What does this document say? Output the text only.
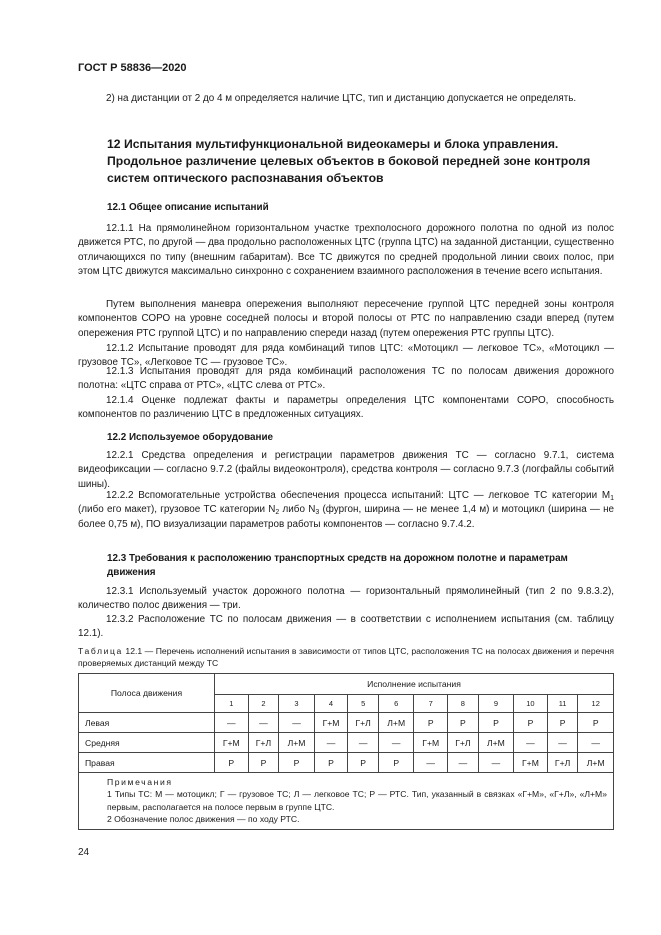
ГОСТ Р 58836—2020

2) на дистанции от 2 до 4 м определяется наличие ЦТС, тип и дистанцию допускается не определять.

12 Испытания мультифункциональной видеокамеры и блока управления. Продольное различение целевых объектов в боковой передней зоне контроля систем оптического распознавания объектов

12.1 Общее описание испытаний

12.1.1 На прямолинейном горизонтальном участке трехполосного дорожного полотна по одной из полос движется РТС, по другой — два продольно расположенных ЦТС (группа ЦТС) на заданной дистанции, существенно отличающихся по типу (внешним габаритам). Все ТС движутся по средней продольной линии своих полос, при этом ЦТС движутся максимально синхронно с сохранением взаимного расположения в течение всего испытания.

Путем выполнения маневра опережения выполняют пересечение группой ЦТС передней зоны контроля компонентов СОРО на уровне соседней полосы и второй полосы от РТС по направлению сзади вперед (путем опережения РТС группой ЦТС) и по направлению спереди назад (путем опережения РТС группы ЦТС).

12.1.2 Испытание проводят для ряда комбинаций типов ЦТС: «Мотоцикл — легковое ТС», «Мотоцикл — грузовое ТС», «Легковое ТС — грузовое ТС».

12.1.3 Испытания проводят для ряда комбинаций расположения ТС по полосам движения дорожного полотна: «ЦТС справа от РТС», «ЦТС слева от РТС».

12.1.4 Оценке подлежат факты и параметры определения ЦТС компонентами СОРО, способность компонентов по различению ЦТС в предложенных ситуациях.

12.2 Используемое оборудование

12.2.1 Средства определения и регистрации параметров движения ТС — согласно 9.7.1, система видеофиксации — согласно 9.7.2 (файлы видеоконтроля), средства контроля — согласно 9.7.3 (логфайлы событий шины).

12.2.2 Вспомогательные устройства обеспечения процесса испытаний: ЦТС — легковое ТС категории $М_1$ (либо его макет), грузовое ТС категории $N_2$ либо $N_3$ (фургон, ширина — не менее 1,4 м) и мотоцикл (ширина — не более 0,75 м), ПО визуализации параметров работы компонентов — согласно 9.7.4.2.

12.3 Требования к расположению транспортных средств на дорожном полотне и параметрам движения

12.3.1 Используемый участок дорожного полотна — горизонтальный прямолинейный (тип 2 по 9.8.3.2), количество полос движения — три.

12.3.2 Расположение ТС по полосам движения — в соответствии с исполнением испытания (см. таблицу 12.1).

Таблица 12.1 — Перечень исполнений испытания в зависимости от типов ЦТС, расположения ТС на полосах движения и перечня проверяемых дистанций между ТС

Полоса движения	Исполнение испытания											
	1	2	3	4	5	6	7	8	9	10	11	12
Левая	—	—	—	Г+М	Г+Л	Л+М	Р	Р	Р	Р	Р	Р
Средняя	Г+М	Г+Л	Л+М	—	—	—	Г+М	Г+Л	Л+М	—	—	—
Правая	Р	Р	Р	Р	Р	Р	—	—	—	Г+М	Г+Л	Л+М

Примечания
1 Типы ТС: М — мотоцикл; Г — грузовое ТС; Л — легковое ТС; Р — РТС. Тип, указанный в связках «Г+М», «Г+Л», «Л+М» первым, располагается на полосе первым в группе ЦТС.
2 Обозначение полос движения — по ходу РТС.												
24
